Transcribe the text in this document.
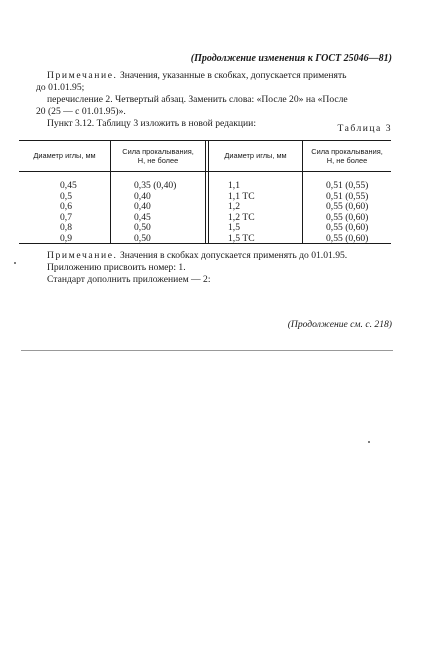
(Продолжение изменения к ГОСТ 25046—81)
Примечание. Значения, указанные в скобках, допускается применять
до 01.01.95;
перечисление 2. Четвертый абзац. Заменить слова: «После 20» на «После
20 (25 — с 01.01.95)».
Пункт 3.12. Таблицу 3 изложить в новой редакции:	Таблица 3
Диаметр иглы, мм	Сила прокалывания, Н, не более	Диаметр иглы, мм	Сила прокалывания, Н, не более
0,45	0,35 (0,40)	1,1	0,51 (0,55)
0,5	0,40	1,1 ТС	0,51 (0,55)
0,6	0,40	1,2	0,55 (0,60)
0,7	0,45	1,2 ТС	0,55 (0,60)
0,8	0,50	1,5	0,55 (0,60)
0,9	0,50	1,5 ТС	0,55 (0,60)
Примечание. Значения в скобках допускается применять до 01.01.95.
Приложению присвоить номер: 1.
Стандарт дополнить приложением — 2:
(Продолжение см. с. 218)
